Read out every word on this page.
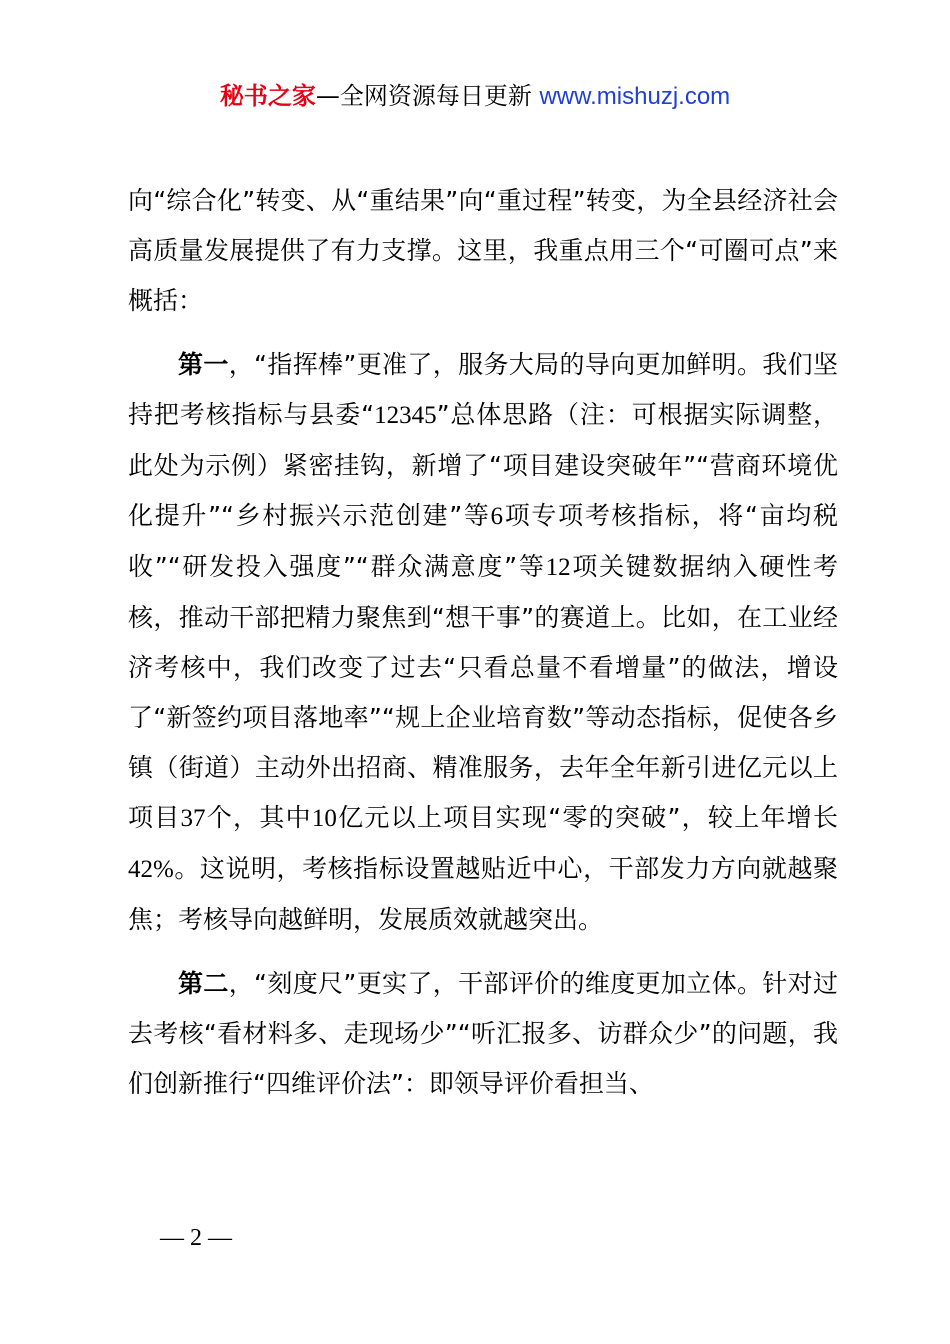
秘书之家—全网资源每日更新 www.mishuzj.com

向“综合化”转变、从“重结果”向“重过程”转变，为全县经济社会高质量发展提供了有力支撑。这里，我重点用三个“可圈可点”来概括：

第一，“指挥棒”更准了，服务大局的导向更加鲜明。我们坚持把考核指标与县委“12345”总体思路（注：可根据实际调整，此处为示例）紧密挂钩，新增了“项目建设突破年”“营商环境优化提升”“乡村振兴示范创建”等6项专项考核指标，将“亩均税收”“研发投入强度”“群众满意度”等12项关键数据纳入硬性考核，推动干部把精力聚焦到“想干事”的赛道上。比如，在工业经济考核中，我们改变了过去“只看总量不看增量”的做法，增设了“新签约项目落地率”“规上企业培育数”等动态指标，促使各乡镇（街道）主动外出招商、精准服务，去年全年新引进亿元以上项目37个，其中10亿元以上项目实现“零的突破”，较上年增长42%。这说明，考核指标设置越贴近中心，干部发力方向就越聚焦；考核导向越鲜明，发展质效就越突出。

第二，“刻度尺”更实了，干部评价的维度更加立体。针对过去考核“看材料多、走现场少”“听汇报多、访群众少”的问题，我们创新推行“四维评价法”：即领导评价看担当、

— 2 —
